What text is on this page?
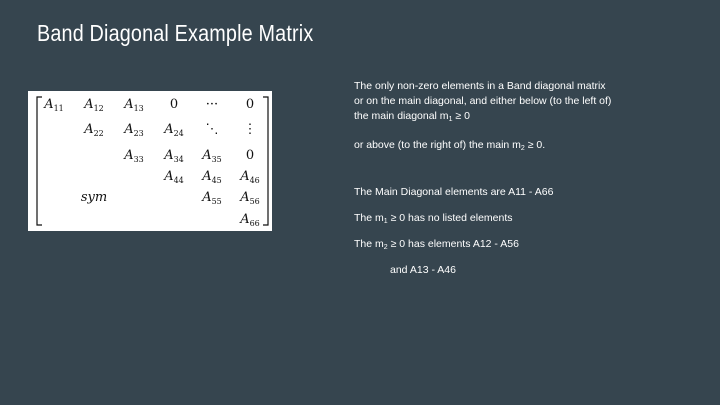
Band Diagonal Example Matrix
$A_{11}$ $A_{12}$ $A_{13}$ 0 ··· 0
$A_{22}$ $A_{23}$ $A_{24}$ ⋱ ⋮
$A_{33}$ $A_{34}$ $A_{35}$ 0
$A_{44}$ $A_{45}$ $A_{46}$
sym	$A_{55}$ $A_{56}$
$A_{66}$

The only non-zero elements in a Band diagonal matrix or on the main diagonal, and either below (to the left of) the main diagonal $m_1 \ge 0$

or above (to the right of) the main $m_2 \ge 0$.

The Main Diagonal elements are A11 - A66

The $m_1 \ge 0$ has no listed elements

The $m_2 \ge 0$ has elements A12 - A56

and A13 - A46
